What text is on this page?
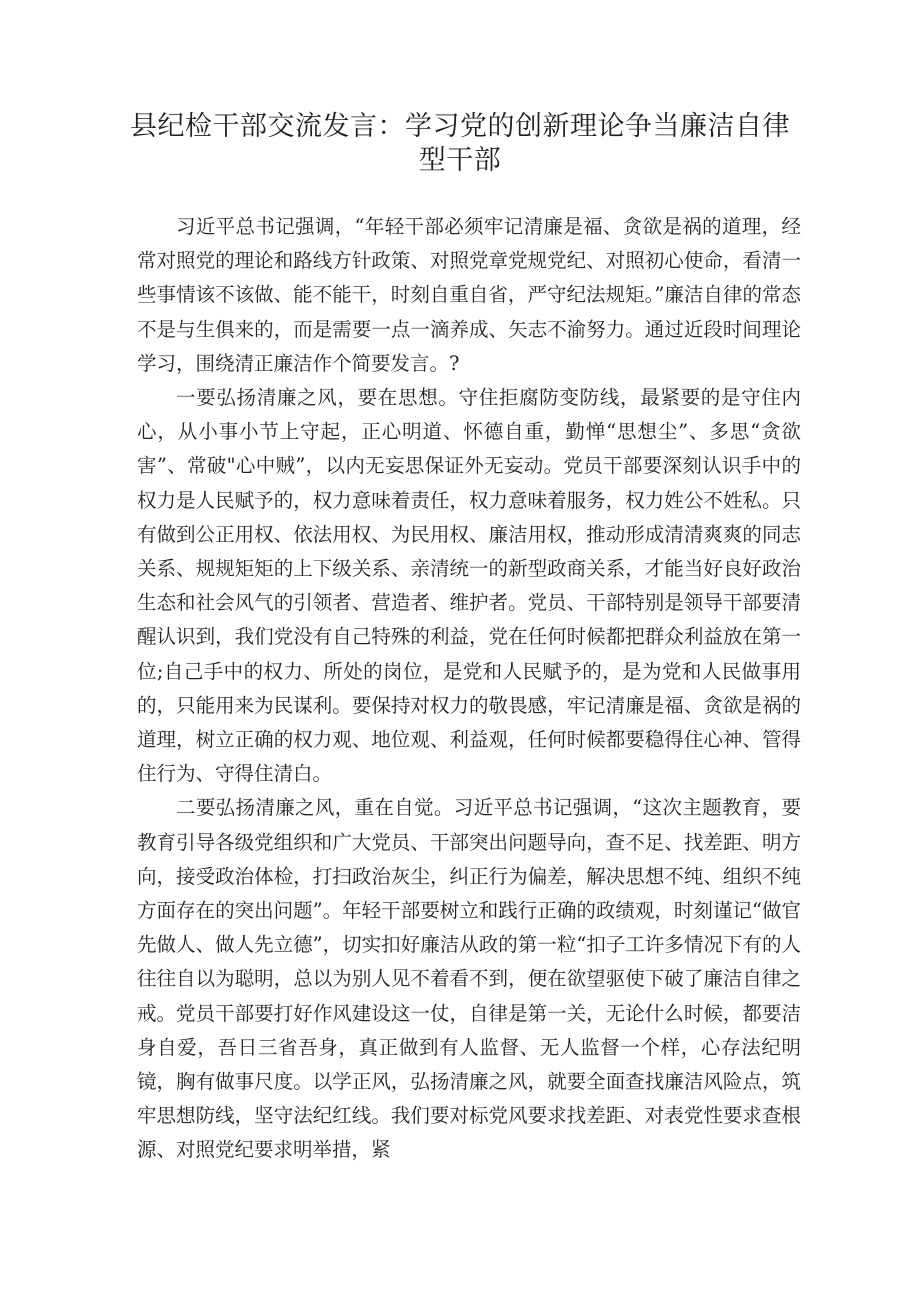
县纪检干部交流发言：学习党的创新理论争当廉洁自律型干部

习近平总书记强调，“年轻干部必须牢记清廉是福、贪欲是祸的道理，经常对照党的理论和路线方针政策、对照党章党规党纪、对照初心使命，看清一些事情该不该做、能不能干，时刻自重自省，严守纪法规矩。”廉洁自律的常态不是与生俱来的，而是需要一点一滴养成、矢志不渝努力。通过近段时间理论学习，围绕清正廉洁作个简要发言。?

一要弘扬清廉之风，要在思想。守住拒腐防变防线，最紧要的是守住内心，从小事小节上守起，正心明道、怀德自重，勤惮“思想尘”、多思“贪欲害”、常破"心中贼”，以内无妄思保证外无妄动。党员干部要深刻认识手中的权力是人民赋予的，权力意味着责任，权力意味着服务，权力姓公不姓私。只有做到公正用权、依法用权、为民用权、廉洁用权，推动形成清清爽爽的同志关系、规规矩矩的上下级关系、亲清统一的新型政商关系，才能当好良好政治生态和社会风气的引领者、营造者、维护者。党员、干部特别是领导干部要清醒认识到，我们党没有自己特殊的利益，党在任何时候都把群众利益放在第一位;自己手中的权力、所处的岗位，是党和人民赋予的，是为党和人民做事用的，只能用来为民谋利。要保持对权力的敬畏感，牢记清廉是福、贪欲是祸的道理，树立正确的权力观、地位观、利益观，任何时候都要稳得住心神、管得住行为、守得住清白。

二要弘扬清廉之风，重在自觉。习近平总书记强调，“这次主题教育，要教育引导各级党组织和广大党员、干部突出问题导向，查不足、找差距、明方向，接受政治体检，打扫政治灰尘，纠正行为偏差，解决思想不纯、组织不纯方面存在的突出问题”。年轻干部要树立和践行正确的政绩观，时刻谨记“做官先做人、做人先立德”，切实扣好廉洁从政的第一粒“扣子工许多情况下有的人往往自以为聪明，总以为别人见不着看不到，便在欲望驱使下破了廉洁自律之戒。党员干部要打好作风建设这一仗，自律是第一关，无论什么时候，都要洁身自爱，吾日三省吾身，真正做到有人监督、无人监督一个样，心存法纪明镜，胸有做事尺度。以学正风，弘扬清廉之风，就要全面查找廉洁风险点，筑牢思想防线，坚守法纪红线。我们要对标党风要求找差距、对表党性要求查根源、对照党纪要求明举措，紧
